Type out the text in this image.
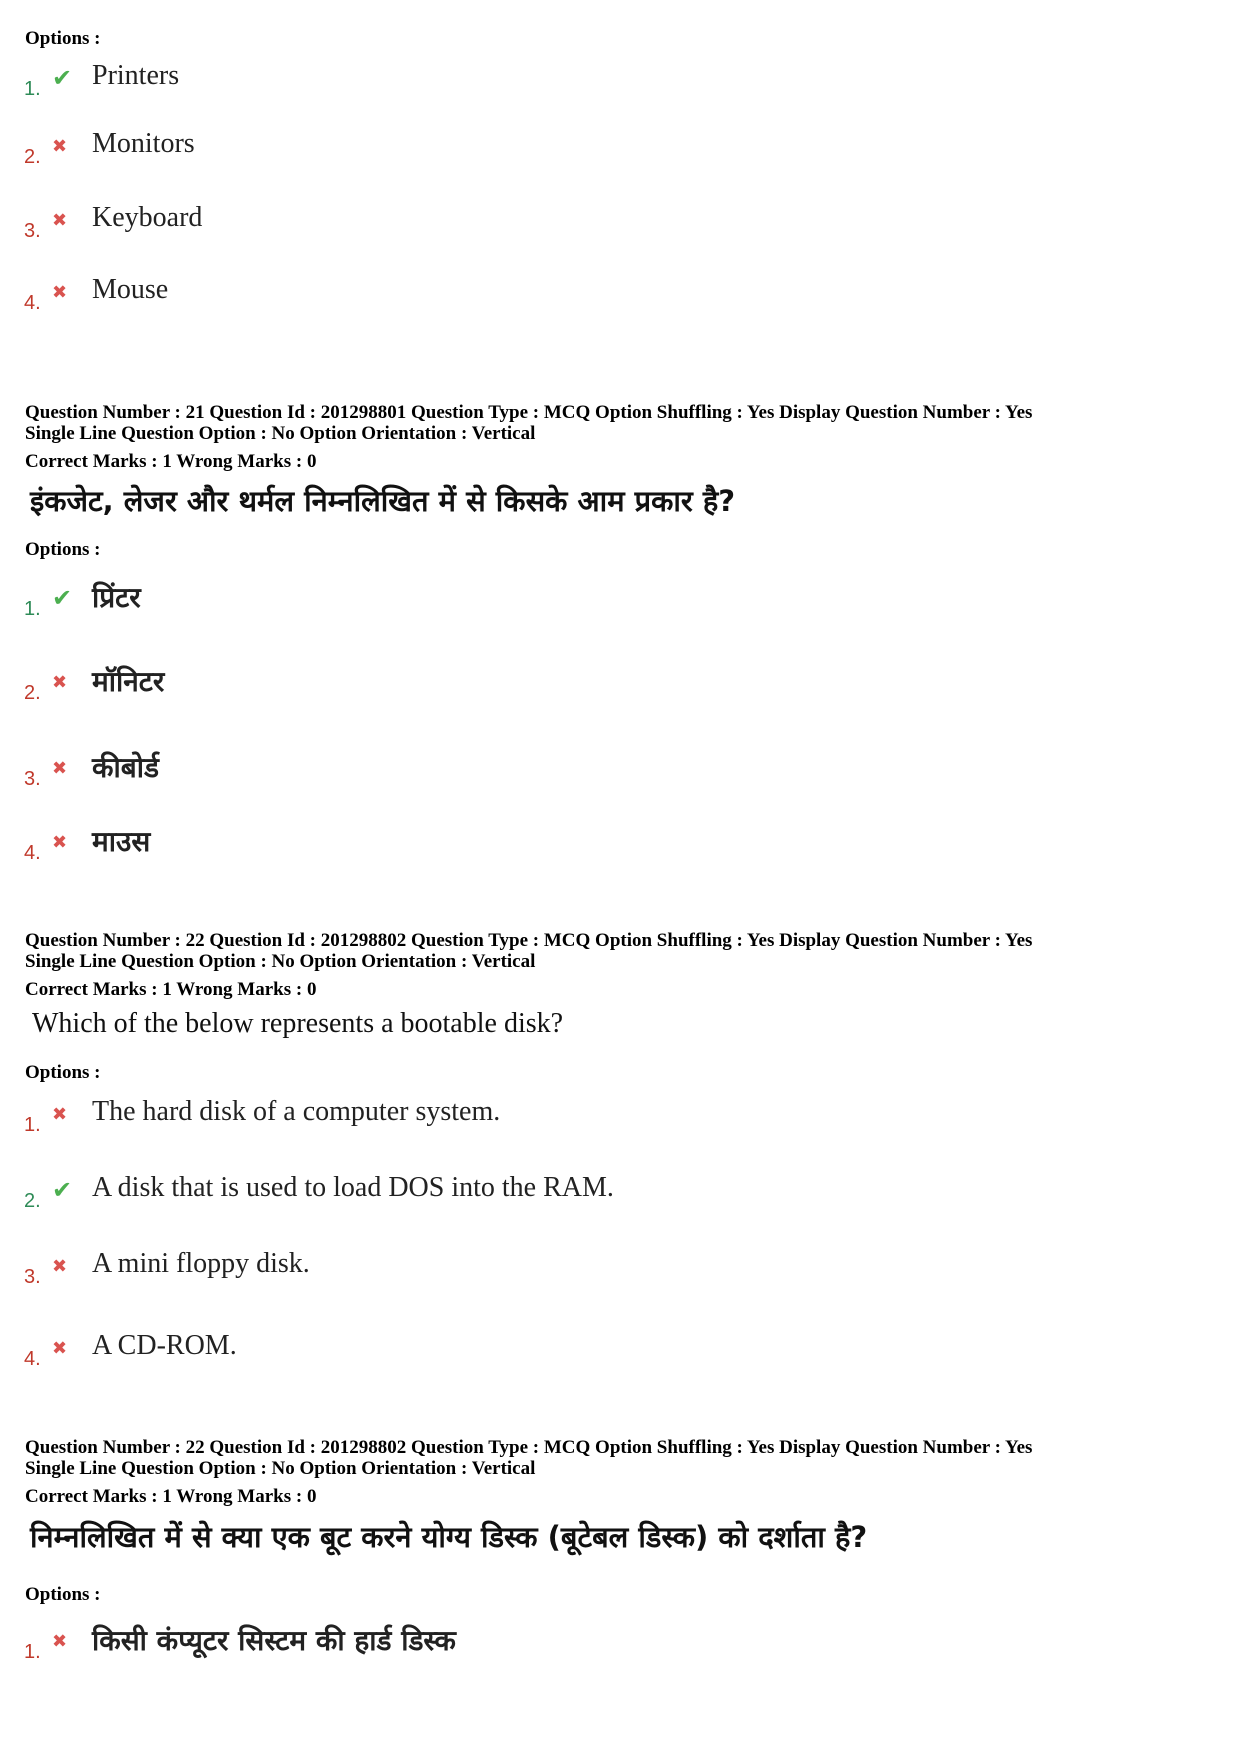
Options :
1. ✔ Printers
2. ✖ Monitors
3. ✖ Keyboard
4. ✖ Mouse
Question Number : 21 Question Id : 201298801 Question Type : MCQ Option Shuffling : Yes Display Question Number : Yes
Single Line Question Option : No Option Orientation : Vertical
Correct Marks : 1 Wrong Marks : 0
इंकजेट, लेजर और थर्मल निम्नलिखित में से किसके आम प्रकार है?
Options :
1. ✔ प्रिंटर
2. ✖ मॉनिटर
3. ✖ कीबोर्ड
4. ✖ माउस
Question Number : 22 Question Id : 201298802 Question Type : MCQ Option Shuffling : Yes Display Question Number : Yes
Single Line Question Option : No Option Orientation : Vertical
Correct Marks : 1 Wrong Marks : 0
Which of the below represents a bootable disk?
Options :
1. ✖ The hard disk of a computer system.
2. ✔ A disk that is used to load DOS into the RAM.
3. ✖ A mini floppy disk.
4. ✖ A CD-ROM.
Question Number : 22 Question Id : 201298802 Question Type : MCQ Option Shuffling : Yes Display Question Number : Yes
Single Line Question Option : No Option Orientation : Vertical
Correct Marks : 1 Wrong Marks : 0
निम्नलिखित में से क्या एक बूट करने योग्य डिस्क (बूटेबल डिस्क) को दर्शाता है?
Options :
1. ✖ किसी कंप्यूटर सिस्टम की हार्ड डिस्क
